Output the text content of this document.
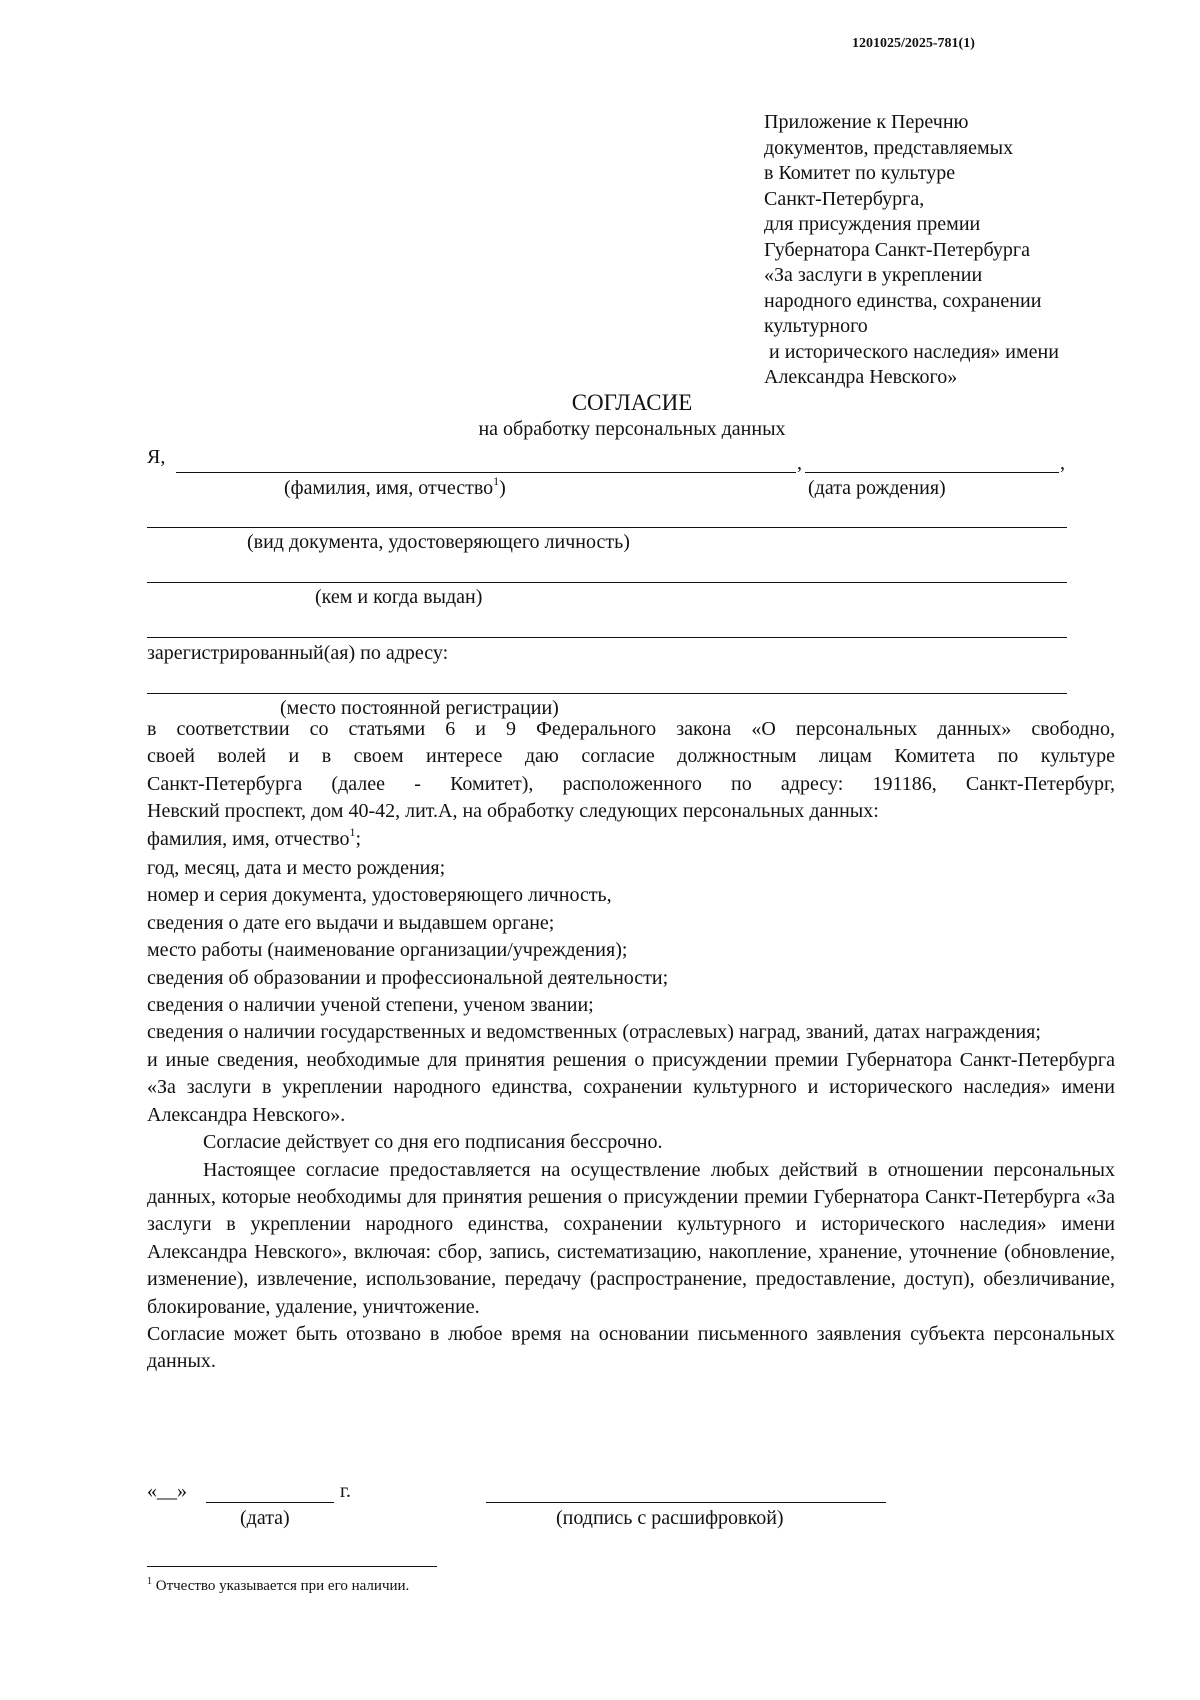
1201025/2025-781(1)
Приложение к Перечню
документов, представляемых
в Комитет по культуре
Санкт-Петербурга,
для присуждения премии
Губернатора Санкт-Петербурга
«За заслуги в укреплении
народного единства, сохранении
культурного
и исторического наследия» имени
Александра Невского»
СОГЛАСИЕ
на обработку персональных данных
Я,	,	,
(фамилия, имя, отчество$^1$)	(дата рождения)
(вид документа, удостоверяющего личность)
(кем и когда выдан)
зарегистрированный(ая) по адресу:
(место постоянной регистрации)

в соответствии со статьями 6 и 9 Федерального закона «О персональных данных» свободно,

своей волей и в своем интересе даю согласие должностным лицам Комитета по культуре

Санкт-Петербурга (далее - Комитет), расположенного по адресу: 191186, Санкт-Петербург,

Невский проспект, дом 40-42, лит.А, на обработку следующих персональных данных:

фамилия, имя, отчество$^1$;

год, месяц, дата и место рождения;

номер и серия документа, удостоверяющего личность,

сведения о дате его выдачи и выдавшем органе;

место работы (наименование организации/учреждения);

сведения об образовании и профессиональной деятельности;

сведения о наличии ученой степени, ученом звании;

сведения о наличии государственных и ведомственных (отраслевых) наград, званий, датах награждения;

и иные сведения, необходимые для принятия решения о присуждении премии Губернатора Санкт-Петербурга «За заслуги в укреплении народного единства, сохранении культурного и исторического наследия» имени Александра Невского».

Согласие действует со дня его подписания бессрочно.

Настоящее согласие предоставляется на осуществление любых действий в отношении персональных данных, которые необходимы для принятия решения о присуждении премии Губернатора Санкт-Петербурга «За заслуги в укреплении народного единства, сохранении культурного и исторического наследия» имени Александра Невского», включая: сбор, запись, систематизацию, накопление, хранение, уточнение (обновление, изменение), извлечение, использование, передачу (распространение, предоставление, доступ), обезличивание, блокирование, удаление, уничтожение.

Согласие может быть отозвано в любое время на основании письменного заявления субъекта персональных данных.

«__»	г.
(дата)	(подпись с расшифровкой)
$^1$ Отчество указывается при его наличии.
